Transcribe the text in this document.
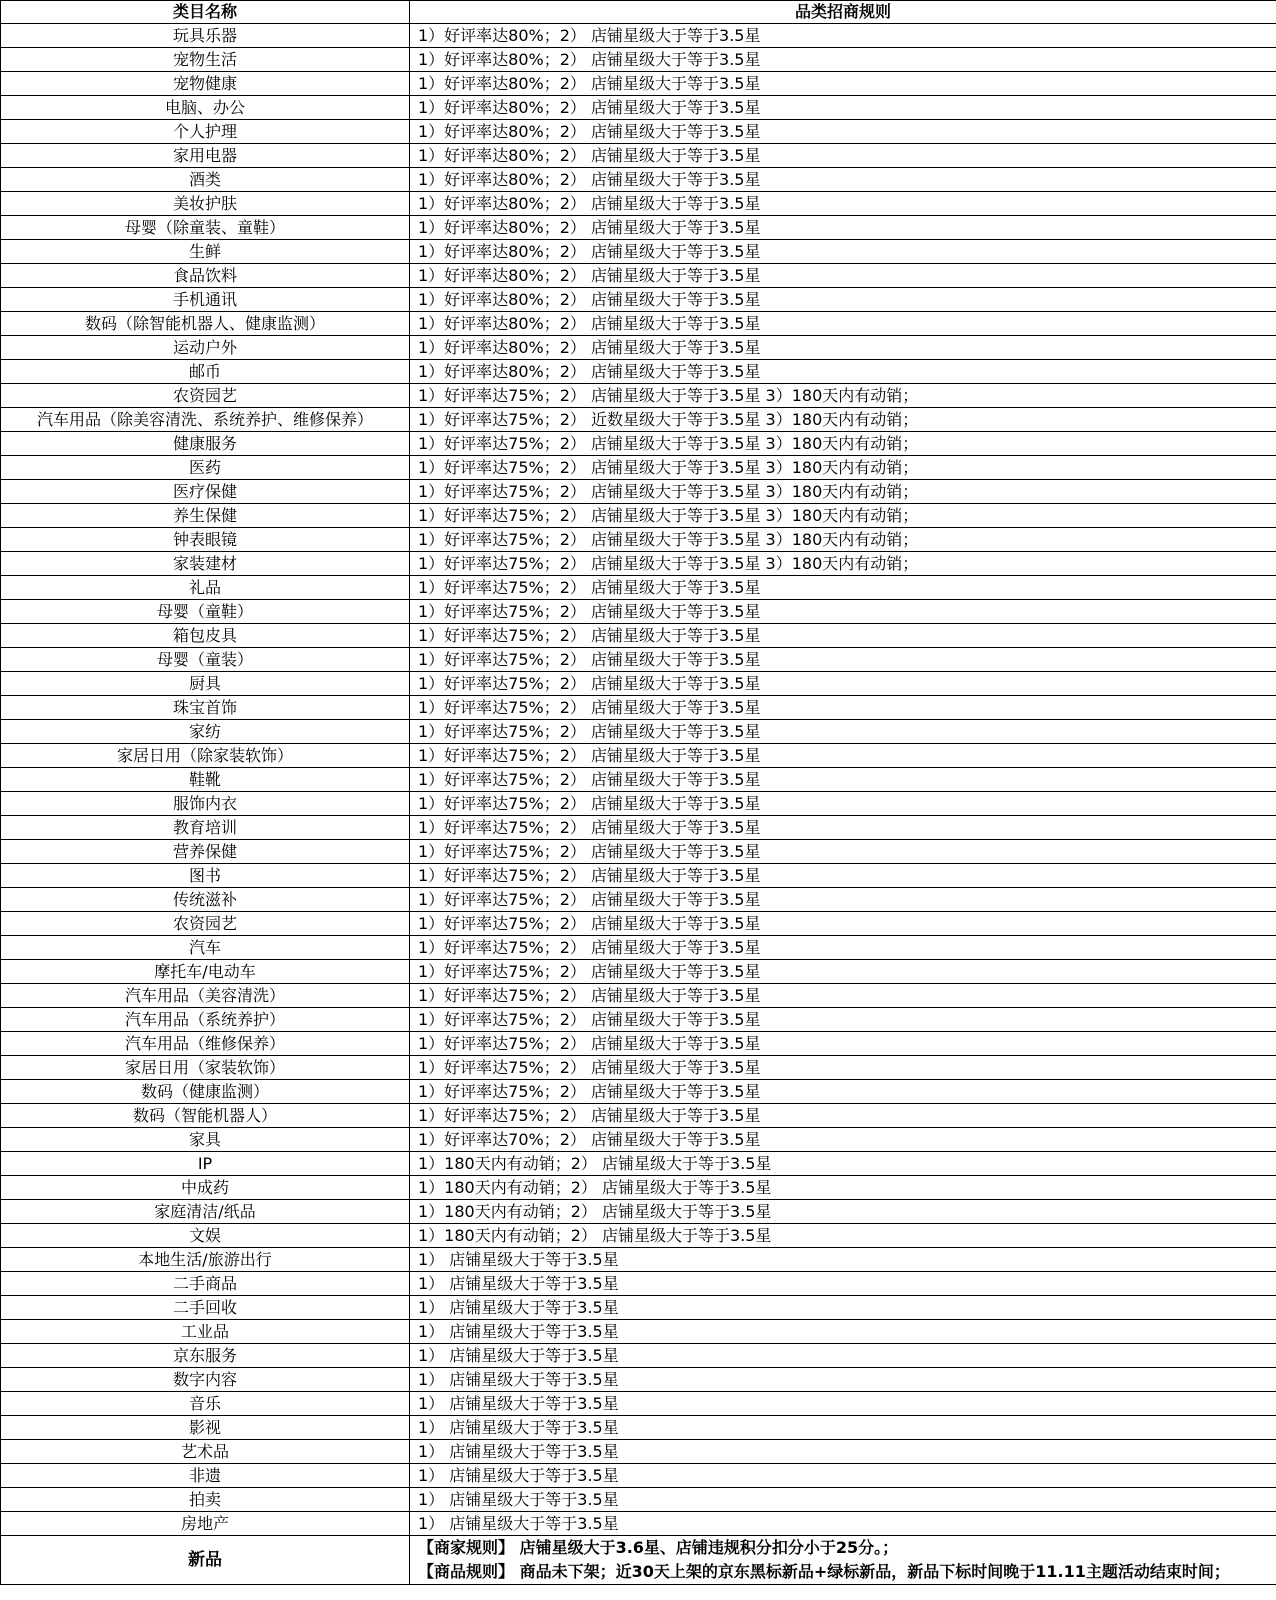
类目名称	品类招商规则
玩具乐器	1）好评率达80%；2） 店铺星级大于等于3.5星
宠物生活	1）好评率达80%；2） 店铺星级大于等于3.5星
宠物健康	1）好评率达80%；2） 店铺星级大于等于3.5星
电脑、办公	1）好评率达80%；2） 店铺星级大于等于3.5星
个人护理	1）好评率达80%；2） 店铺星级大于等于3.5星
家用电器	1）好评率达80%；2） 店铺星级大于等于3.5星
酒类	1）好评率达80%；2） 店铺星级大于等于3.5星
美妆护肤	1）好评率达80%；2） 店铺星级大于等于3.5星
母婴（除童装、童鞋）	1）好评率达80%；2） 店铺星级大于等于3.5星
生鲜	1）好评率达80%；2） 店铺星级大于等于3.5星
食品饮料	1）好评率达80%；2） 店铺星级大于等于3.5星
手机通讯	1）好评率达80%；2） 店铺星级大于等于3.5星
数码（除智能机器人、健康监测）	1）好评率达80%；2） 店铺星级大于等于3.5星
运动户外	1）好评率达80%；2） 店铺星级大于等于3.5星
邮币	1）好评率达80%；2） 店铺星级大于等于3.5星
农资园艺	1）好评率达75%；2） 店铺星级大于等于3.5星 3）180天内有动销；
汽车用品（除美容清洗、系统养护、维修保养）	1）好评率达75%；2） 近数星级大于等于3.5星 3）180天内有动销；
健康服务	1）好评率达75%；2） 店铺星级大于等于3.5星 3）180天内有动销；
医药	1）好评率达75%；2） 店铺星级大于等于3.5星 3）180天内有动销；
医疗保健	1）好评率达75%；2） 店铺星级大于等于3.5星 3）180天内有动销；
养生保健	1）好评率达75%；2） 店铺星级大于等于3.5星 3）180天内有动销；
钟表眼镜	1）好评率达75%；2） 店铺星级大于等于3.5星 3）180天内有动销；
家装建材	1）好评率达75%；2） 店铺星级大于等于3.5星 3）180天内有动销；
礼品	1）好评率达75%；2） 店铺星级大于等于3.5星
母婴（童鞋）	1）好评率达75%；2） 店铺星级大于等于3.5星
箱包皮具	1）好评率达75%；2） 店铺星级大于等于3.5星
母婴（童装）	1）好评率达75%；2） 店铺星级大于等于3.5星
厨具	1）好评率达75%；2） 店铺星级大于等于3.5星
珠宝首饰	1）好评率达75%；2） 店铺星级大于等于3.5星
家纺	1）好评率达75%；2） 店铺星级大于等于3.5星
家居日用（除家装软饰）	1）好评率达75%；2） 店铺星级大于等于3.5星
鞋靴	1）好评率达75%；2） 店铺星级大于等于3.5星
服饰内衣	1）好评率达75%；2） 店铺星级大于等于3.5星
教育培训	1）好评率达75%；2） 店铺星级大于等于3.5星
营养保健	1）好评率达75%；2） 店铺星级大于等于3.5星
图书	1）好评率达75%；2） 店铺星级大于等于3.5星
传统滋补	1）好评率达75%；2） 店铺星级大于等于3.5星
农资园艺	1）好评率达75%；2） 店铺星级大于等于3.5星
汽车	1）好评率达75%；2） 店铺星级大于等于3.5星
摩托车/电动车	1）好评率达75%；2） 店铺星级大于等于3.5星
汽车用品（美容清洗）	1）好评率达75%；2） 店铺星级大于等于3.5星
汽车用品（系统养护）	1）好评率达75%；2） 店铺星级大于等于3.5星
汽车用品（维修保养）	1）好评率达75%；2） 店铺星级大于等于3.5星
家居日用（家装软饰）	1）好评率达75%；2） 店铺星级大于等于3.5星
数码（健康监测）	1）好评率达75%；2） 店铺星级大于等于3.5星
数码（智能机器人）	1）好评率达75%；2） 店铺星级大于等于3.5星
家具	1）好评率达70%；2） 店铺星级大于等于3.5星
IP	1）180天内有动销；2） 店铺星级大于等于3.5星
中成药	1）180天内有动销；2） 店铺星级大于等于3.5星
家庭清洁/纸品	1）180天内有动销；2） 店铺星级大于等于3.5星
文娱	1）180天内有动销；2） 店铺星级大于等于3.5星
本地生活/旅游出行	1） 店铺星级大于等于3.5星
二手商品	1） 店铺星级大于等于3.5星
二手回收	1） 店铺星级大于等于3.5星
工业品	1） 店铺星级大于等于3.5星
京东服务	1） 店铺星级大于等于3.5星
数字内容	1） 店铺星级大于等于3.5星
音乐	1） 店铺星级大于等于3.5星
影视	1） 店铺星级大于等于3.5星
艺术品	1） 店铺星级大于等于3.5星
非遗	1） 店铺星级大于等于3.5星
拍卖	1） 店铺星级大于等于3.5星
房地产	1） 店铺星级大于等于3.5星
新品	【商家规则】 店铺星级大于3.6星、店铺违规积分扣分小于25分。；
【商品规则】 商品未下架；近30天上架的京东黑标新品+绿标新品，新品下标时间晚于11.11主题活动结束时间；
